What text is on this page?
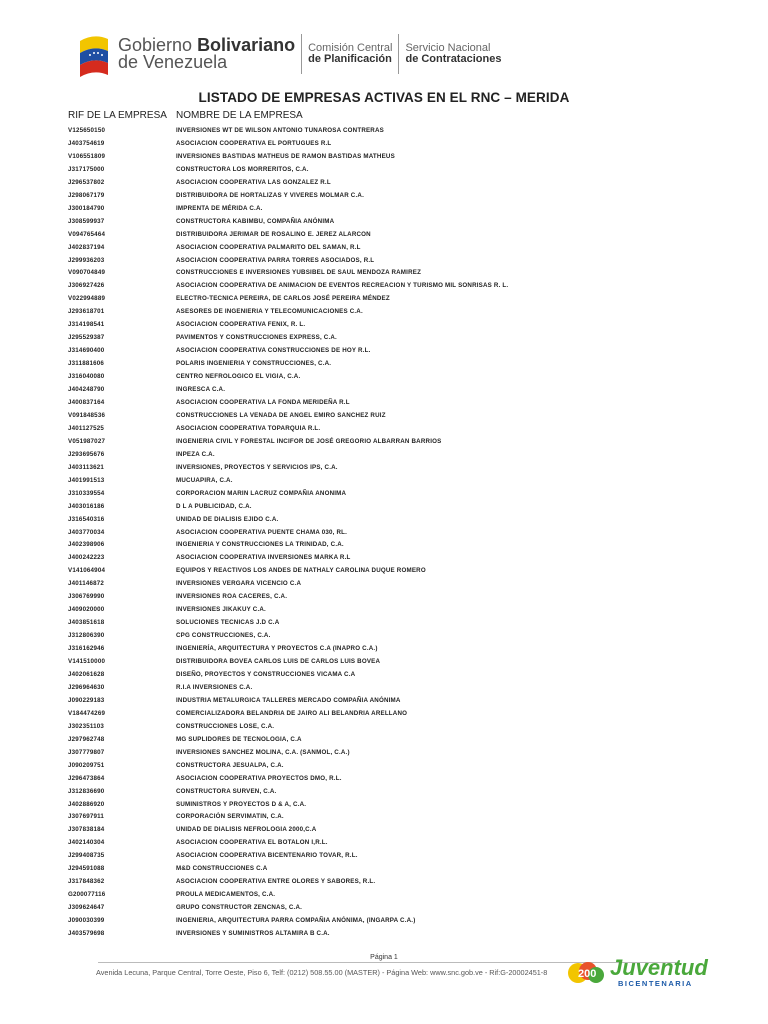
Gobierno Bolivariano
de Venezuela
Comisión Central
de Planificación
Servicio Nacional
de Contrataciones
LISTADO DE EMPRESAS ACTIVAS EN EL RNC – MERIDA
RIF DE LA EMPRESA NOMBRE DE LA EMPRESA
V125650150	INVERSIONES WT DE WILSON ANTONIO TUNAROSA CONTRERAS
J403754619	ASOCIACION COOPERATIVA EL PORTUGUES R.L
V106551809	INVERSIONES BASTIDAS MATHEUS DE RAMON BASTIDAS MATHEUS
J317175000	CONSTRUCTORA LOS MORRERITOS, C.A.
J296537802	ASOCIACION COOPERATIVA LAS GONZALEZ R.L
J298067179	DISTRIBUIDORA DE HORTALIZAS Y VIVERES MOLMAR C.A.
J300184790	IMPRENTA DE MÉRIDA C.A.
J308599937	CONSTRUCTORA KABIMBU, COMPAÑIA ANÓNIMA
V094765464	DISTRIBUIDORA JERIMAR DE ROSALINO E. JEREZ ALARCON
J402837194	ASOCIACION COOPERATIVA PALMARITO DEL SAMAN, R.L
J299936203	ASOCIACION COOPERATIVA PARRA TORRES ASOCIADOS, R.L
V090704849	CONSTRUCCIONES E INVERSIONES YUBSIBEL DE SAUL MENDOZA RAMIREZ
J306927426	ASOCIACION COOPERATIVA DE ANIMACION DE EVENTOS RECREACION Y TURISMO MIL SONRISAS R. L.
V022994889	ELECTRO-TECNICA PEREIRA, DE CARLOS JOSÉ PEREIRA MÉNDEZ
J293618701	ASESORES DE INGENIERIA Y TELECOMUNICACIONES C.A.
J314198541	ASOCIACION COOPERATIVA FENIX, R. L.
J295529387	PAVIMENTOS Y CONSTRUCCIONES EXPRESS, C.A.
J314690400	ASOCIACION COOPERATIVA CONSTRUCCIONES DE HOY R.L.
J311881606	POLARIS INGENIERIA Y CONSTRUCCIONES, C.A.
J316040080	CENTRO NEFROLOGICO EL VIGIA, C.A.
J404248790	INGRESCA C.A.
J400837164	ASOCIACION COOPERATIVA LA FONDA MERIDEÑA R.L
V091848536	CONSTRUCCIONES LA VENADA DE ANGEL EMIRO SANCHEZ RUIZ
J401127525	ASOCIACION COOPERATIVA TOPARQUIA R.L.
V051987027	INGENIERIA CIVIL Y FORESTAL INCIFOR DE JOSÉ GREGORIO ALBARRAN BARRIOS
J293695676	INPEZA C.A.
J403113621	INVERSIONES, PROYECTOS Y SERVICIOS IPS, C.A.
J401991513	MUCUAPIRA, C.A.
J310339554	CORPORACION MARIN LACRUZ COMPAÑIA ANONIMA
J403016186	D L A PUBLICIDAD, C.A.
J316540316	UNIDAD DE DIALISIS EJIDO C.A.
J403770034	ASOCIACION COOPERATIVA PUENTE CHAMA 030, RL.
J402398906	INGENIERIA Y CONSTRUCCIONES LA TRINIDAD, C.A.
J400242223	ASOCIACION COOPERATIVA INVERSIONES MARKA R.L
V141064904	EQUIPOS Y REACTIVOS LOS ANDES DE NATHALY CAROLINA DUQUE ROMERO
J401146872	INVERSIONES VERGARA VICENCIO C.A
J306769990	INVERSIONES ROA CACERES, C.A.
J409020000	INVERSIONES JIKAKUY C.A.
J403851618	SOLUCIONES TECNICAS J.D C.A
J312806390	CPG CONSTRUCCIONES, C.A.
J316162946	INGENIERÍA, ARQUITECTURA Y PROYECTOS C.A (INAPRO C.A.)
V141510000	DISTRIBUIDORA BOVEA CARLOS LUIS DE CARLOS LUIS BOVEA
J402061628	DISEÑO, PROYECTOS Y CONSTRUCCIONES VICAMA C.A
J296964630	R.I.A INVERSIONES C.A.
J090229183	INDUSTRIA METALURGICA TALLERES MERCADO COMPAÑIA ANÓNIMA
V184474269	COMERCIALIZADORA BELANDRIA DE JAIRO ALI BELANDRIA ARELLANO
J302351103	CONSTRUCCIONES LOSE, C.A.
J297962748	MG SUPLIDORES DE TECNOLOGIA, C.A
J307779807	INVERSIONES SANCHEZ MOLINA, C.A. (SANMOL, C.A.)
J090209751	CONSTRUCTORA JESUALPA, C.A.
J296473864	ASOCIACION COOPERATIVA PROYECTOS DMO, R.L.
J312836690	CONSTRUCTORA SURVEN, C.A.
J402886920	SUMINISTROS Y PROYECTOS D & A, C.A.
J307697911	CORPORACIÓN SERVIMATIN, C.A.
J307838184	UNIDAD DE DIALISIS NEFROLOGIA 2000,C.A
J402140304	ASOCIACION COOPERATIVA EL BOTALON I,R.L.
J299408735	ASOCIACION COOPERATIVA BICENTENARIO TOVAR, R.L.
J294591088	M&D CONSTRUCCIONES C.A
J317848362	ASOCIACION COOPERATIVA ENTRE OLORES Y SABORES, R.L.
G200077116	PROULA MEDICAMENTOS, C.A.
J309624647	GRUPO CONSTRUCTOR ZENCNAS, C.A.
J090030399	INGENIERIA, ARQUITECTURA PARRA COMPAÑIA ANÓNIMA, (INGARPA C.A.)
J403579698	INVERSIONES Y SUMINISTROS ALTAMIRA B C.A.
Página 1
Avenida Lecuna, Parque Central, Torre Oeste, Piso 6, Telf: (0212) 508.55.00 (MASTER) - Página Web: www.snc.gob.ve - Rif:G-20002451-8	200 Juventud
BICENTENARIA
